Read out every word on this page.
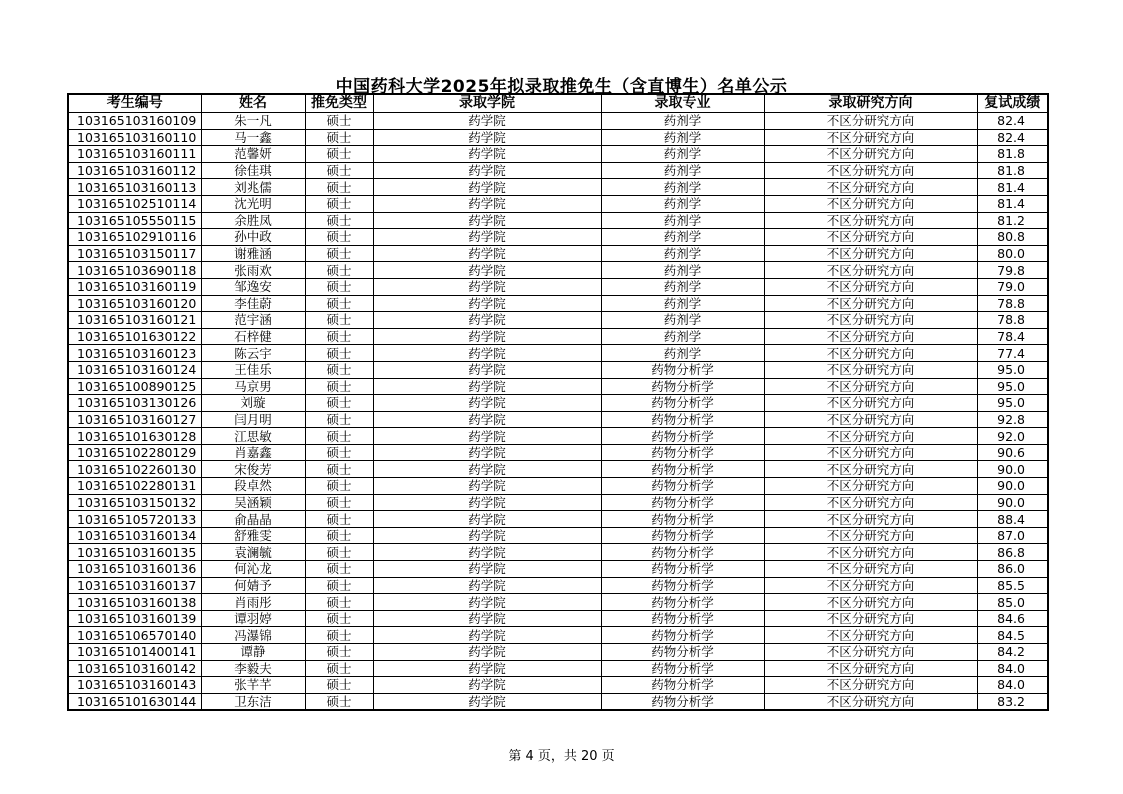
中国药科大学2025年拟录取推免生（含直博生）名单公示
考生编号	姓名	推免类型	录取学院	录取专业	录取研究方向	复试成绩
103165103160109	朱一凡	硕士	药学院	药剂学	不区分研究方向	82.4
103165103160110	马一鑫	硕士	药学院	药剂学	不区分研究方向	82.4
103165103160111	范馨妍	硕士	药学院	药剂学	不区分研究方向	81.8
103165103160112	徐佳琪	硕士	药学院	药剂学	不区分研究方向	81.8
103165103160113	刘兆儒	硕士	药学院	药剂学	不区分研究方向	81.4
103165102510114	沈光明	硕士	药学院	药剂学	不区分研究方向	81.4
103165105550115	余胜凤	硕士	药学院	药剂学	不区分研究方向	81.2
103165102910116	孙中政	硕士	药学院	药剂学	不区分研究方向	80.8
103165103150117	谢雅涵	硕士	药学院	药剂学	不区分研究方向	80.0
103165103690118	张雨欢	硕士	药学院	药剂学	不区分研究方向	79.8
103165103160119	邹逸安	硕士	药学院	药剂学	不区分研究方向	79.0
103165103160120	李佳蔚	硕士	药学院	药剂学	不区分研究方向	78.8
103165103160121	范宇涵	硕士	药学院	药剂学	不区分研究方向	78.8
103165101630122	石梓健	硕士	药学院	药剂学	不区分研究方向	78.4
103165103160123	陈云宇	硕士	药学院	药剂学	不区分研究方向	77.4
103165103160124	王佳乐	硕士	药学院	药物分析学	不区分研究方向	95.0
103165100890125	马京男	硕士	药学院	药物分析学	不区分研究方向	95.0
103165103130126	刘璇	硕士	药学院	药物分析学	不区分研究方向	95.0
103165103160127	闫月明	硕士	药学院	药物分析学	不区分研究方向	92.8
103165101630128	江思敏	硕士	药学院	药物分析学	不区分研究方向	92.0
103165102280129	肖嘉鑫	硕士	药学院	药物分析学	不区分研究方向	90.6
103165102260130	宋俊芳	硕士	药学院	药物分析学	不区分研究方向	90.0
103165102280131	段卓然	硕士	药学院	药物分析学	不区分研究方向	90.0
103165103150132	吴涵颖	硕士	药学院	药物分析学	不区分研究方向	90.0
103165105720133	俞晶晶	硕士	药学院	药物分析学	不区分研究方向	88.4
103165103160134	舒雅雯	硕士	药学院	药物分析学	不区分研究方向	87.0
103165103160135	袁澜毓	硕士	药学院	药物分析学	不区分研究方向	86.8
103165103160136	何沁龙	硕士	药学院	药物分析学	不区分研究方向	86.0
103165103160137	何婧予	硕士	药学院	药物分析学	不区分研究方向	85.5
103165103160138	肖雨彤	硕士	药学院	药物分析学	不区分研究方向	85.0
103165103160139	谭羽婷	硕士	药学院	药物分析学	不区分研究方向	84.6
103165106570140	冯瀑锦	硕士	药学院	药物分析学	不区分研究方向	84.5
103165101400141	谭静	硕士	药学院	药物分析学	不区分研究方向	84.2
103165103160142	李毅夫	硕士	药学院	药物分析学	不区分研究方向	84.0
103165103160143	张芊芊	硕士	药学院	药物分析学	不区分研究方向	84.0
103165101630144	卫东洁	硕士	药学院	药物分析学	不区分研究方向	83.2
第 4 页，共 20 页
